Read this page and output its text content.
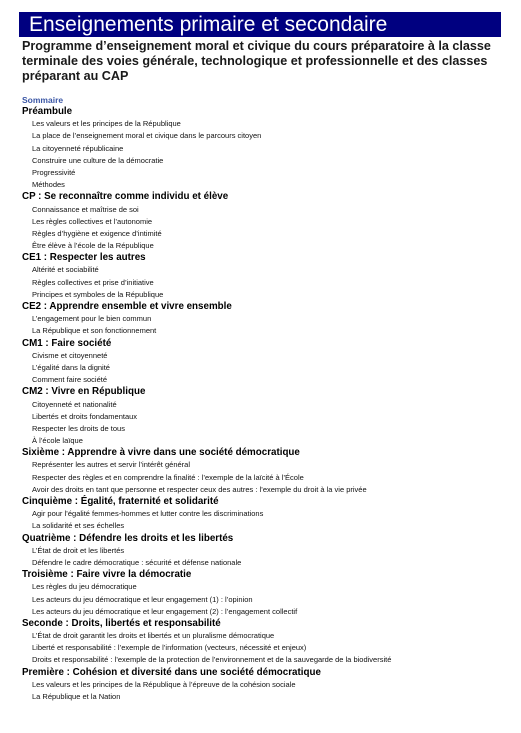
Enseignements primaire et secondaire
Programme d’enseignement moral et civique du cours préparatoire à la classe terminale des voies générale, technologique et professionnelle et des classes préparant au CAP
Sommaire
Préambule
Les valeurs et les principes de la République
La place de l’enseignement moral et civique dans le parcours citoyen
La citoyenneté républicaine
Construire une culture de la démocratie
Progressivité
Méthodes
CP : Se reconnaître comme individu et élève
Connaissance et maîtrise de soi
Les règles collectives et l’autonomie
Règles d’hygiène et exigence d’intimité
Être élève à l’école de la République
CE1 : Respecter les autres
Altérité et sociabilité
Règles collectives et prise d’initiative
Principes et symboles de la République
CE2 : Apprendre ensemble et vivre ensemble
L’engagement pour le bien commun
La République et son fonctionnement
CM1 : Faire société
Civisme et citoyenneté
L’égalité dans la dignité
Comment faire société
CM2 : Vivre en République
Citoyenneté et nationalité
Libertés et droits fondamentaux
Respecter les droits de tous
À l’école laïque
Sixième : Apprendre à vivre dans une société démocratique
Représenter les autres et servir l’intérêt général
Respecter des règles et en comprendre la finalité : l’exemple de la laïcité à l’École
Avoir des droits en tant que personne et respecter ceux des autres : l’exemple du droit à la vie privée
Cinquième : Égalité, fraternité et solidarité
Agir pour l’égalité femmes-hommes et lutter contre les discriminations
La solidarité et ses échelles
Quatrième : Défendre les droits et les libertés
L’État de droit et les libertés
Défendre le cadre démocratique : sécurité et défense nationale
Troisième : Faire vivre la démocratie
Les règles du jeu démocratique
Les acteurs du jeu démocratique et leur engagement (1) : l’opinion
Les acteurs du jeu démocratique et leur engagement (2) : l’engagement collectif
Seconde : Droits, libertés et responsabilité
L’État de droit garantit les droits et libertés et un pluralisme démocratique
Liberté et responsabilité : l’exemple de l’information (vecteurs, nécessité et enjeux)
Droits et responsabilité : l’exemple de la protection de l’environnement et de la sauvegarde de la biodiversité
Première : Cohésion et diversité dans une société démocratique
Les valeurs et les principes de la République à l’épreuve de la cohésion sociale
La République et la Nation
